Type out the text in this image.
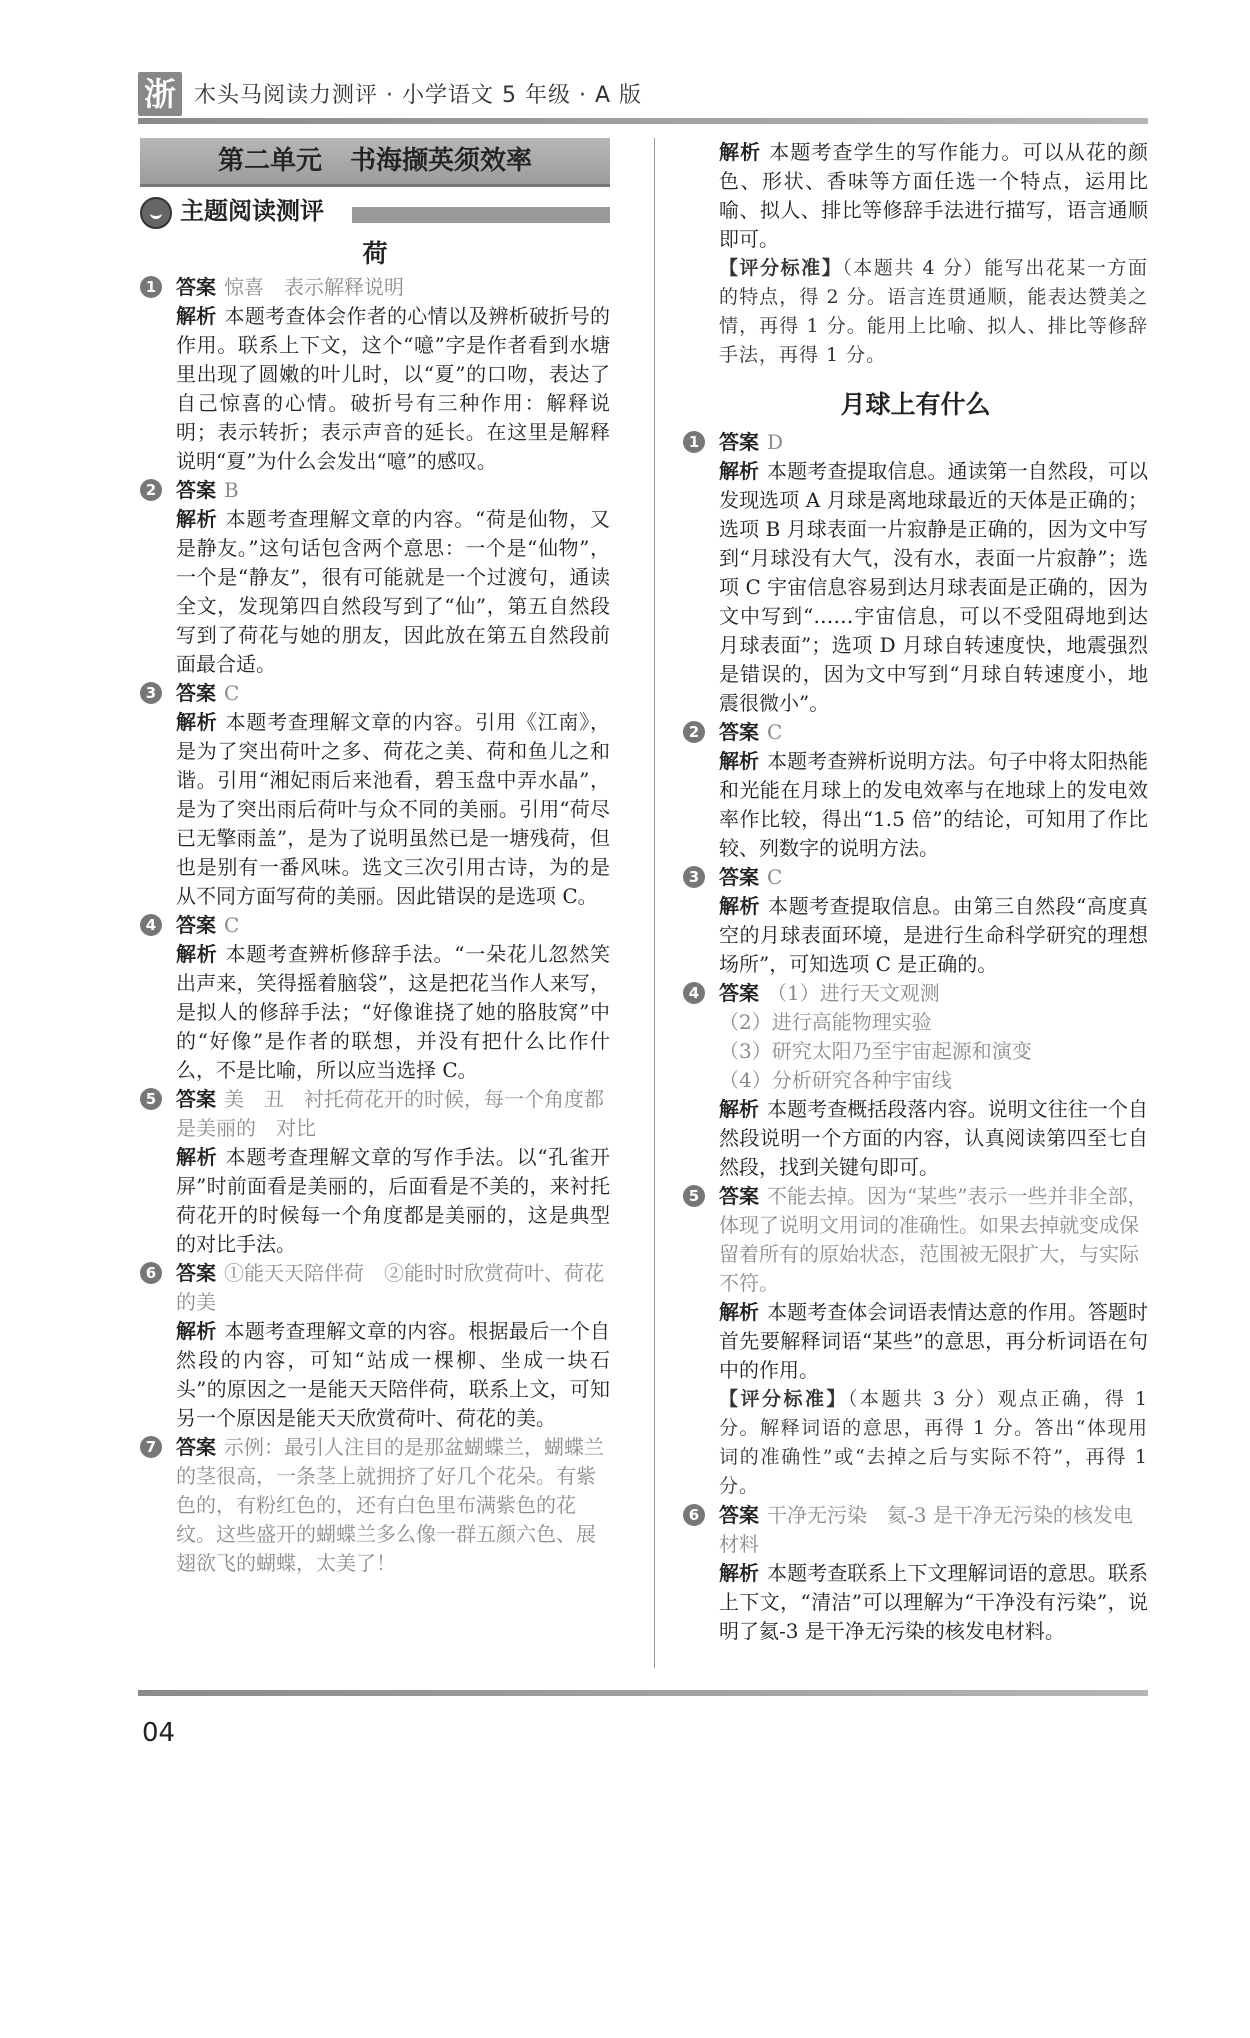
浙 木头马阅读力测评 · 小学语文 5 年级 · A 版
第二单元 书海撷英须效率
主题阅读测评
荷
1 答案 惊喜　表示解释说明

解析 本题考查体会作者的心情以及辨析破折号的作用。联系上下文，这个“噫”字是作者看到水塘里出现了圆嫩的叶儿时，以“夏”的口吻，表达了自己惊喜的心情。破折号有三种作用：解释说明；表示转折；表示声音的延长。在这里是解释说明“夏”为什么会发出“噫”的感叹。

2 答案 B

解析 本题考查理解文章的内容。“荷是仙物，又是静友。”这句话包含两个意思：一个是“仙物”，一个是“静友”，很有可能就是一个过渡句，通读全文，发现第四自然段写到了“仙”，第五自然段写到了荷花与她的朋友，因此放在第五自然段前面最合适。

3 答案 C

解析 本题考查理解文章的内容。引用《江南》，是为了突出荷叶之多、荷花之美、荷和鱼儿之和谐。引用“湘妃雨后来池看，碧玉盘中弄水晶”，是为了突出雨后荷叶与众不同的美丽。引用“荷尽已无擎雨盖”，是为了说明虽然已是一塘残荷，但也是别有一番风味。选文三次引用古诗，为的是从不同方面写荷的美丽。因此错误的是选项 C。

4 答案 C

解析 本题考查辨析修辞手法。“一朵花儿忽然笑出声来，笑得摇着脑袋”，这是把花当作人来写，是拟人的修辞手法；“好像谁挠了她的胳肢窝”中的“好像”是作者的联想，并没有把什么比作什么，不是比喻，所以应当选择 C。

5 答案 美　丑　衬托荷花开的时候，每一个角度都是美丽的　对比

解析 本题考查理解文章的写作手法。以“孔雀开屏”时前面看是美丽的，后面看是不美的，来衬托荷花开的时候每一个角度都是美丽的，这是典型的对比手法。

6 答案 ①能天天陪伴荷　②能时时欣赏荷叶、荷花的美

解析 本题考查理解文章的内容。根据最后一个自然段的内容，可知“站成一棵柳、坐成一块石头”的原因之一是能天天陪伴荷，联系上文，可知另一个原因是能天天欣赏荷叶、荷花的美。

7 答案 示例：最引人注目的是那盆蝴蝶兰，蝴蝶兰的茎很高，一条茎上就拥挤了好几个花朵。有紫色的，有粉红色的，还有白色里布满紫色的花纹。这些盛开的蝴蝶兰多么像一群五颜六色、展翅欲飞的蝴蝶，太美了！

解析 本题考查学生的写作能力。可以从花的颜色、形状、香味等方面任选一个特点，运用比喻、拟人、排比等修辞手法进行描写，语言通顺即可。

【评分标准】（本题共 4 分）能写出花某一方面的特点，得 2 分。语言连贯通顺，能表达赞美之情，再得 1 分。能用上比喻、拟人、排比等修辞手法，再得 1 分。

月球上有什么
1 答案 D

解析 本题考查提取信息。通读第一自然段，可以发现选项 A 月球是离地球最近的天体是正确的；选项 B 月球表面一片寂静是正确的，因为文中写到“月球没有大气，没有水，表面一片寂静”；选项 C 宇宙信息容易到达月球表面是正确的，因为文中写到“……宇宙信息，可以不受阻碍地到达月球表面”；选项 D 月球自转速度快，地震强烈是错误的，因为文中写到“月球自转速度小，地震很微小”。

2 答案 C

解析 本题考查辨析说明方法。句子中将太阳热能和光能在月球上的发电效率与在地球上的发电效率作比较，得出“1.5 倍”的结论，可知用了作比较、列数字的说明方法。

3 答案 C

解析 本题考查提取信息。由第三自然段“高度真空的月球表面环境，是进行生命科学研究的理想场所”，可知选项 C 是正确的。

4 答案 （1）进行天文观测

（2）进行高能物理实验

（3）研究太阳乃至宇宙起源和演变

（4）分析研究各种宇宙线

解析 本题考查概括段落内容。说明文往往一个自然段说明一个方面的内容，认真阅读第四至七自然段，找到关键句即可。

5 答案 不能去掉。因为“某些”表示一些并非全部，体现了说明文用词的准确性。如果去掉就变成保留着所有的原始状态，范围被无限扩大，与实际不符。

解析 本题考查体会词语表情达意的作用。答题时首先要解释词语“某些”的意思，再分析词语在句中的作用。

【评分标准】（本题共 3 分）观点正确，得 1 分。解释词语的意思，再得 1 分。答出“体现用词的准确性”或“去掉之后与实际不符”，再得 1 分。

6 答案 干净无污染　氦-3 是干净无污染的核发电材料

解析 本题考查联系上下文理解词语的意思。联系上下文，“清洁”可以理解为“干净没有污染”，说明了氦-3 是干净无污染的核发电材料。

04
